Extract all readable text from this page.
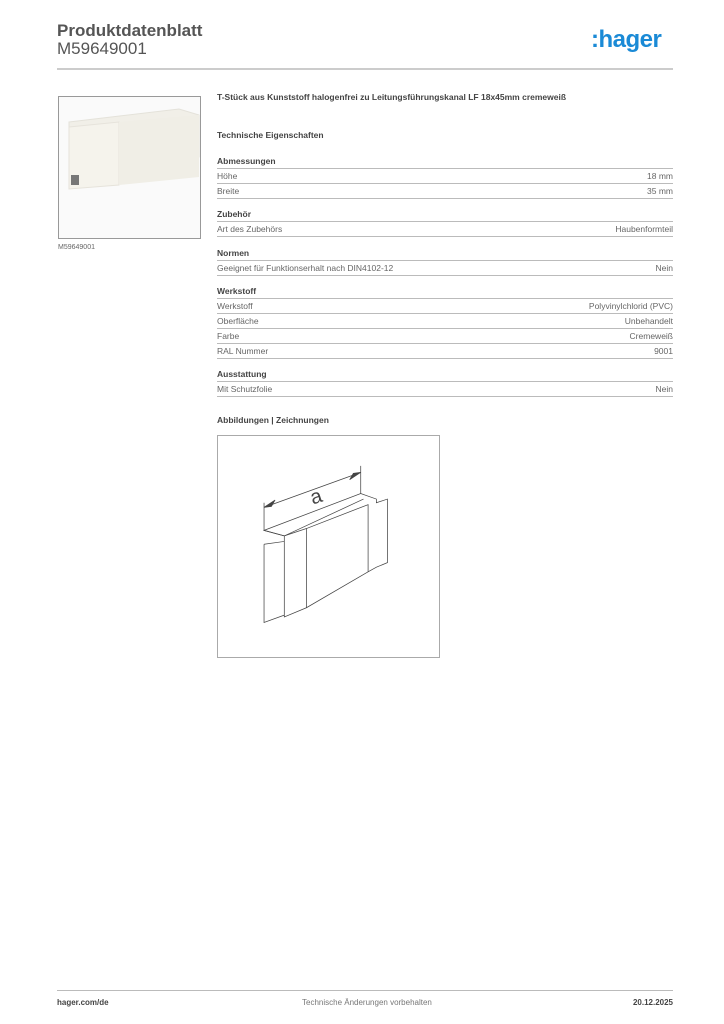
Produktdatenblatt
M59649001	:hager
M59649001
T-Stück aus Kunststoff halogenfrei zu Leitungsführungskanal LF 18x45mm cremeweiß
Technische Eigenschaften
Abmessungen
Höhe	18 mm
Breite	35 mm
Zubehör
Art des Zubehörs	Haubenformteil
Normen
Geeignet für Funktionserhalt nach DIN4102-12	Nein
Werkstoff
Werkstoff	Polyvinylchlorid (PVC)
Oberfläche	Unbehandelt
Farbe	Cremeweiß
RAL Nummer	9001
Ausstattung
Mit Schutzfolie	Nein
Abbildungen | Zeichnungen
a
hager.com/de	Technische Änderungen vorbehalten	20.12.2025
